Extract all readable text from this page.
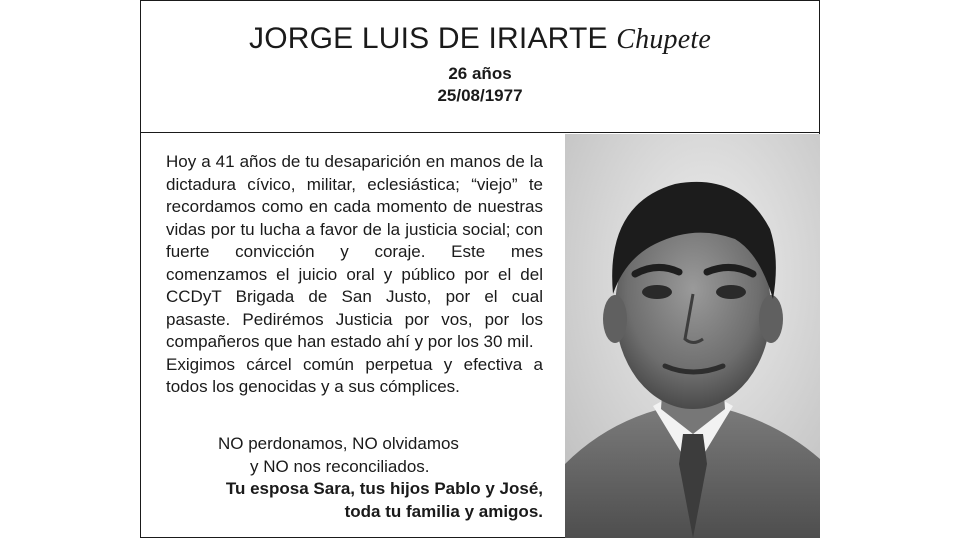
JORGE LUIS DE IRIARTE Chupete
26 años
25/08/1977

Hoy a 41 años de tu desaparición en manos de la dictadura cívico, militar, eclesiástica; “viejo” te recordamos como en cada momento de nuestras vidas por tu lucha a favor de la justicia social; con fuerte convicción y coraje. Este mes comenzamos el juicio oral y público por el del CCDyT Brigada de San Justo, por el cual pasaste. Pedirémos Justicia por vos, por los compañeros que han estado ahí y por los 30 mil.

Exigimos cárcel común perpetua y efectiva a todos los genocidas y a sus cómplices.

NO perdonamos, NO olvidamos
y NO nos reconciliados.
Tu esposa Sara, tus hijos Pablo y José,
toda tu familia y amigos.
